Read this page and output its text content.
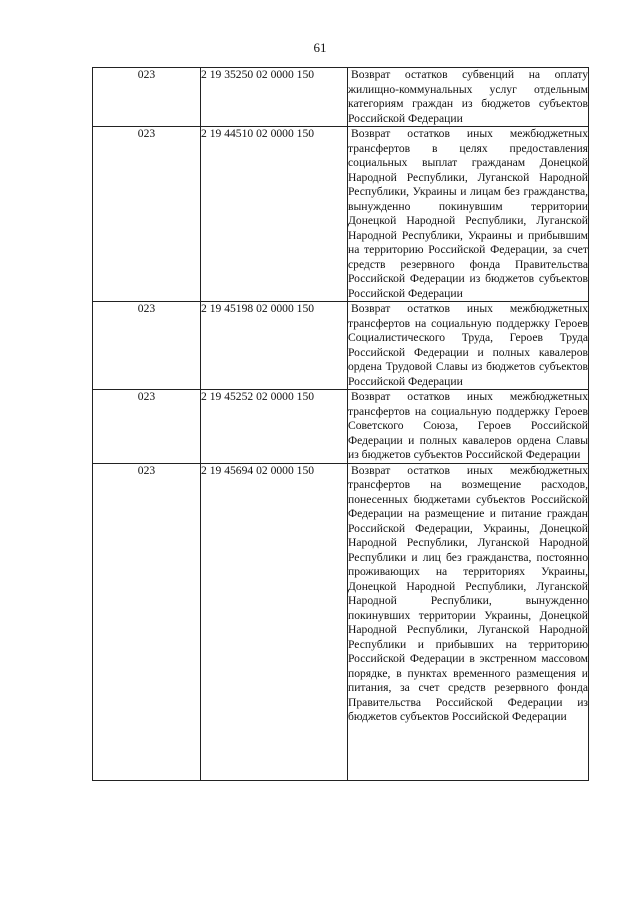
61
023	2 19 35250 02 0000 150	Возврат остатков субвенций на оплату жилищно-коммунальных услуг отдельным категориям граждан из бюджетов субъектов Российской Федерации
023	2 19 44510 02 0000 150	Возврат остатков иных межбюджетных трансфертов в целях предоставления социальных выплат гражданам Донецкой Народной Республики, Луганской Народной Республики, Украины и лицам без гражданства, вынужденно покинувшим территории Донецкой Народной Республики, Луганской Народной Республики, Украины и прибывшим на территорию Российской Федерации, за счет средств резервного фонда Правительства Российской Федерации из бюджетов субъектов Российской Федерации
023	2 19 45198 02 0000 150	Возврат остатков иных межбюджетных трансфертов на социальную поддержку Героев Социалистического Труда, Героев Труда Российской Федерации и полных кавалеров ордена Трудовой Славы из бюджетов субъектов Российской Федерации
023	2 19 45252 02 0000 150	Возврат остатков иных межбюджетных трансфертов на социальную поддержку Героев Советского Союза, Героев Российской Федерации и полных кавалеров ордена Славы из бюджетов субъектов Российской Федерации
023	2 19 45694 02 0000 150	Возврат остатков иных межбюджетных трансфертов на возмещение расходов, понесенных бюджетами субъектов Российской Федерации на размещение и питание граждан Российской Федерации, Украины, Донецкой Народной Республики, Луганской Народной Республики и лиц без гражданства, постоянно проживающих на территориях Украины, Донецкой Народной Республики, Луганской Народной Республики, вынужденно покинувших территории Украины, Донецкой Народной Республики, Луганской Народной Республики и прибывших на территорию Российской Федерации в экстренном массовом порядке, в пунктах временного размещения и питания, за счет средств резервного фонда Правительства Российской Федерации из бюджетов субъектов Российской Федерации
